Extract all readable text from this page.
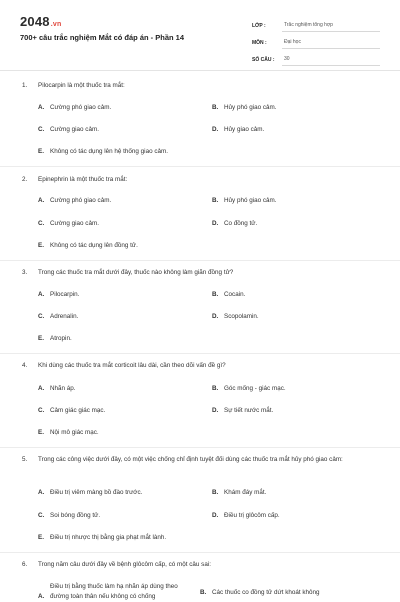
2048.vn
700+ câu trắc nghiệm Mắt có đáp án - Phần 14
LỚP :	Trắc nghiệm tổng hợp
MÔN :	Đại học
SỐ CÂU :	30
1. Pilocarpin là một thuốc tra mắt:
A. Cường phó giao cảm.	B. Hủy phó giao cảm.
C. Cường giao cảm.	D. Hủy giao cảm.
E. Không có tác dụng lên hệ thống giao cảm.
2. Epinephrin là một thuốc tra mắt:
A. Cường phó giao cảm.	B. Hủy phó giao cảm.
C. Cường giao cảm.	D. Co đồng tử.
E. Không có tác dụng lên đồng tử.
3. Trong các thuốc tra mắt dưới đây, thuốc nào không làm giãn đồng tử?
A. Pilocarpin.	B. Cocain.
C. Adrenalin.	D. Scopolamin.
E. Atropin.
4. Khi dùng các thuốc tra mắt corticoit lâu dài, cần theo dõi vấn đề gì?
A. Nhãn áp.	B. Góc mống - giác mạc.
C. Cảm giác giác mạc.	D. Sự tiết nước mắt.
E. Nội mô giác mạc.
5. Trong các công việc dưới đây, có một việc chống chỉ định tuyệt đối dùng các thuốc tra mắt hủy phó giao cảm:
A. Điều trị viêm màng bồ đào trước.	B. Khám đáy mắt.
C. Soi bóng đồng tử.	D. Điều trị glôcôm cấp.
E. Điều trị nhược thị bằng gia phạt mắt lành.
6. Trong năm câu dưới đây về bệnh glôcôm cấp, có một câu sai:
A.Điều trị bằng thuốc làm hạ nhãn áp dùng theo đường toàn thân nếu không có chống
B. Các thuốc co đồng tử dứt khoát không
